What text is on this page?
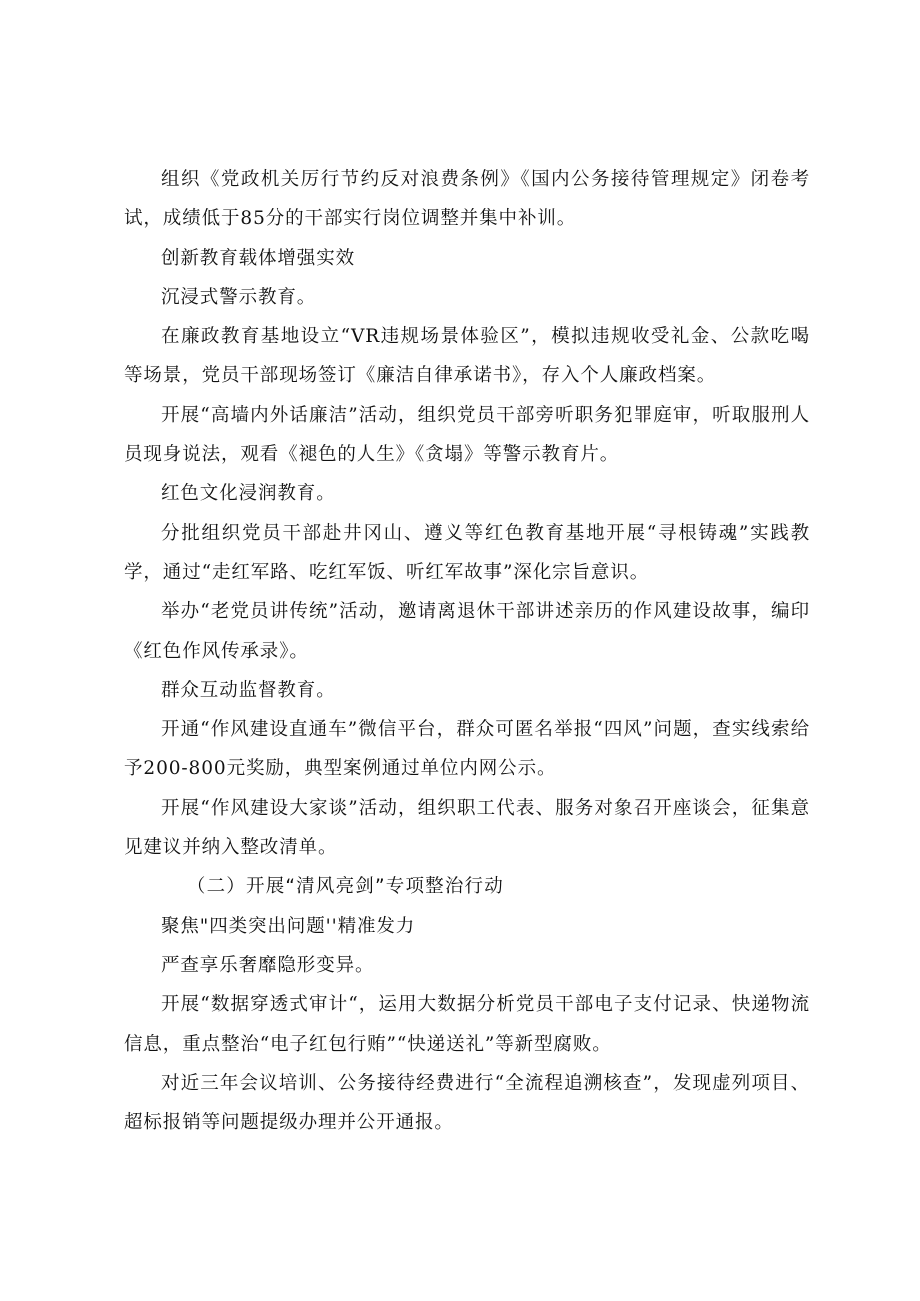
组织《党政机关厉行节约反对浪费条例》《国内公务接待管理规定》闭卷考试，成绩低于85分的干部实行岗位调整并集中补训。

创新教育载体增强实效

沉浸式警示教育。

在廉政教育基地设立“VR违规场景体验区”，模拟违规收受礼金、公款吃喝等场景，党员干部现场签订《廉洁自律承诺书》，存入个人廉政档案。

开展“高墙内外话廉洁”活动，组织党员干部旁听职务犯罪庭审，听取服刑人员现身说法，观看《褪色的人生》《贪塌》等警示教育片。

红色文化浸润教育。

分批组织党员干部赴井冈山、遵义等红色教育基地开展“寻根铸魂”实践教学，通过“走红军路、吃红军饭、听红军故事”深化宗旨意识。

举办“老党员讲传统”活动，邀请离退休干部讲述亲历的作风建设故事，编印《红色作风传承录》。

群众互动监督教育。

开通“作风建设直通车”微信平台，群众可匿名举报“四风”问题，查实线索给予200-800元奖励，典型案例通过单位内网公示。

开展“作风建设大家谈”活动，组织职工代表、服务对象召开座谈会，征集意见建议并纳入整改清单。

（二）开展“清风亮剑”专项整治行动

聚焦"四类突出问题''精准发力

严查享乐奢靡隐形变异。

开展“数据穿透式审计“，运用大数据分析党员干部电子支付记录、快递物流信息，重点整治“电子红包行贿”“快递送礼”等新型腐败。

对近三年会议培训、公务接待经费进行“全流程追溯核查”，发现虚列项目、超标报销等问题提级办理并公开通报。
